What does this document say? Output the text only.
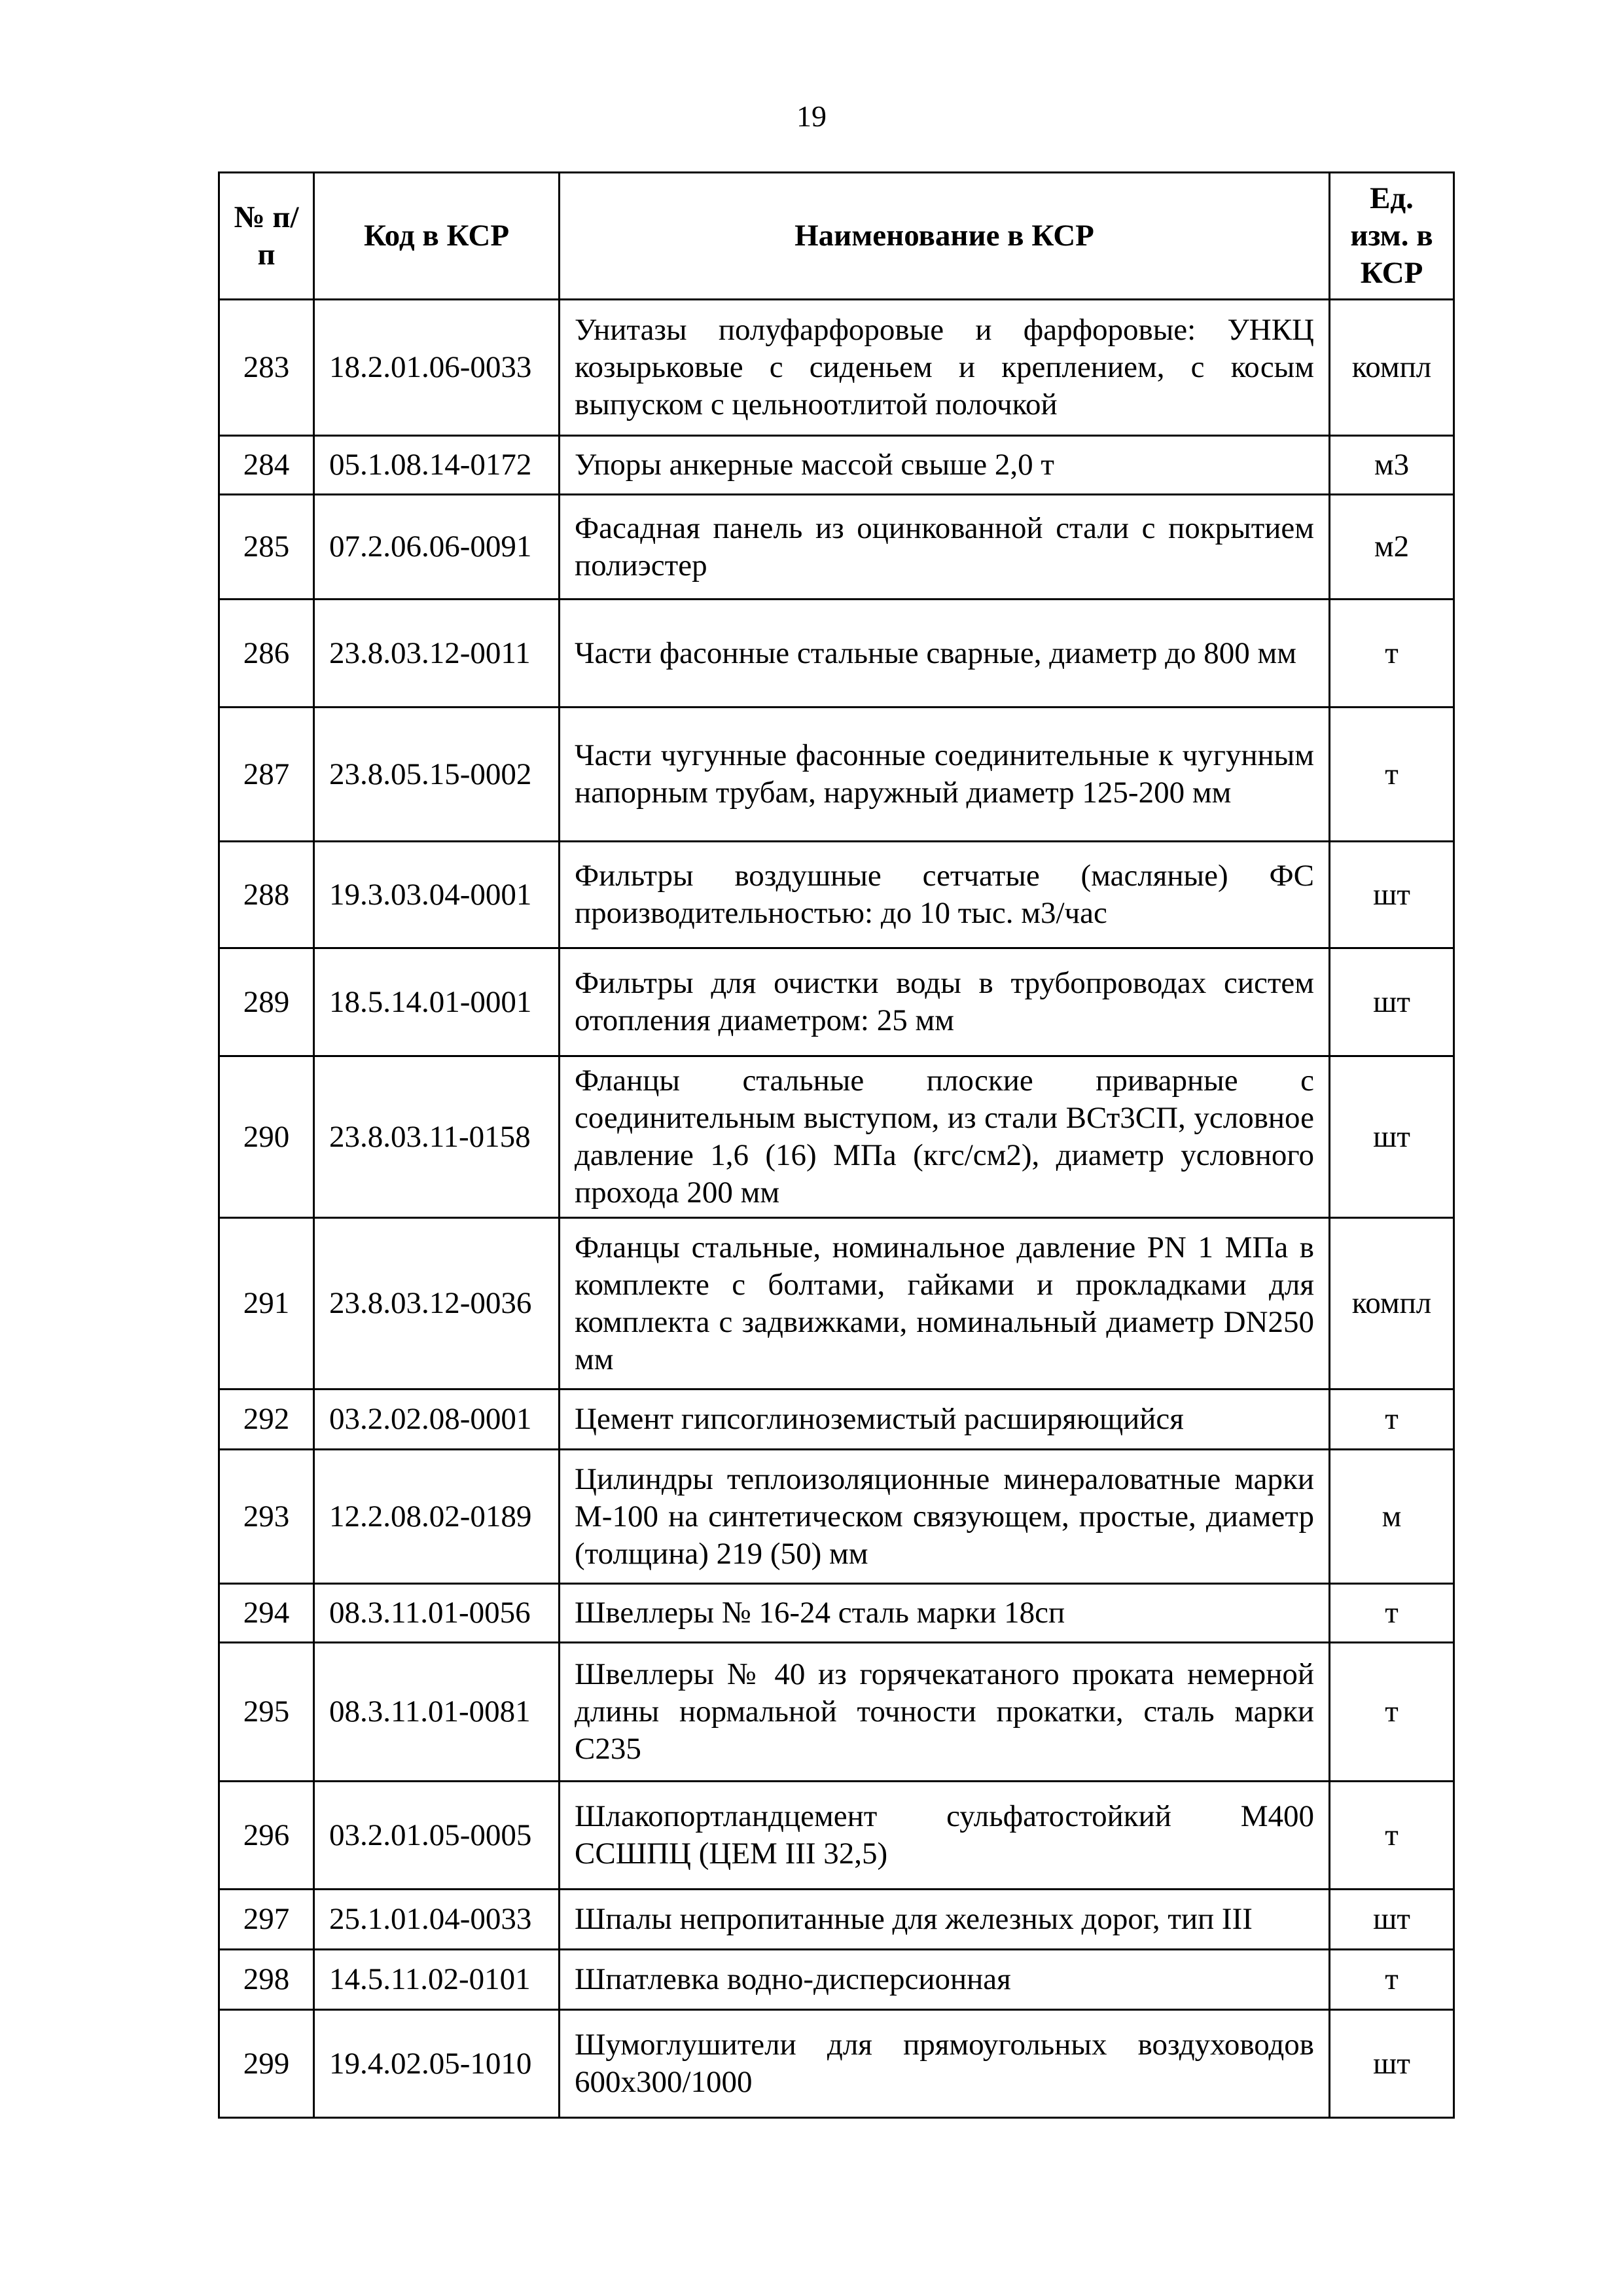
19
№ п/п	Код в КСР	Наименование в КСР	Ед. изм. в КСР
283	18.2.01.06-0033	Унитазы полуфарфоровые и фарфоровые: УНКЦ козырьковые с сиденьем и креплением, с косым выпуском с цельноотлитой полочкой	компл
284	05.1.08.14-0172	Упоры анкерные массой свыше 2,0 т	м3
285	07.2.06.06-0091	Фасадная панель из оцинкованной стали с покрытием полиэстер	м2
286	23.8.03.12-0011	Части фасонные стальные сварные, диаметр до 800 мм	т
287	23.8.05.15-0002	Части чугунные фасонные соединительные к чугунным напорным трубам, наружный диаметр 125-200 мм	т
288	19.3.03.04-0001	Фильтры воздушные сетчатые (масляные) ФС производительностью: до 10 тыс. м3/час	шт
289	18.5.14.01-0001	Фильтры для очистки воды в трубопроводах систем отопления диаметром: 25 мм	шт
290	23.8.03.11-0158	Фланцы стальные плоские приварные с соединительным выступом, из стали ВСт3СП, условное давление 1,6 (16) МПа (кгс/см2), диаметр условного прохода 200 мм	шт
291	23.8.03.12-0036	Фланцы стальные, номинальное давление PN 1 МПа в комплекте с болтами, гайками и прокладками для комплекта с задвижками, номинальный диаметр DN250 мм	компл
292	03.2.02.08-0001	Цемент гипсоглиноземистый расширяющийся	т
293	12.2.08.02-0189	Цилиндры теплоизоляционные минераловатные марки М-100 на синтетическом связующем, простые, диаметр (толщина) 219 (50) мм	м
294	08.3.11.01-0056	Швеллеры № 16-24 сталь марки 18сп	т
295	08.3.11.01-0081	Швеллеры № 40 из горячекатаного проката немерной длины нормальной точности прокатки, сталь марки С235	т
296	03.2.01.05-0005	Шлакопортландцемент сульфатостойкий М400 ССШПЦ (ЦЕМ III 32,5)	т
297	25.1.01.04-0033	Шпалы непропитанные для железных дорог, тип III	шт
298	14.5.11.02-0101	Шпатлевка водно-дисперсионная	т
299	19.4.02.05-1010	Шумоглушители для прямоугольных воздуховодов 600x300/1000	шт
